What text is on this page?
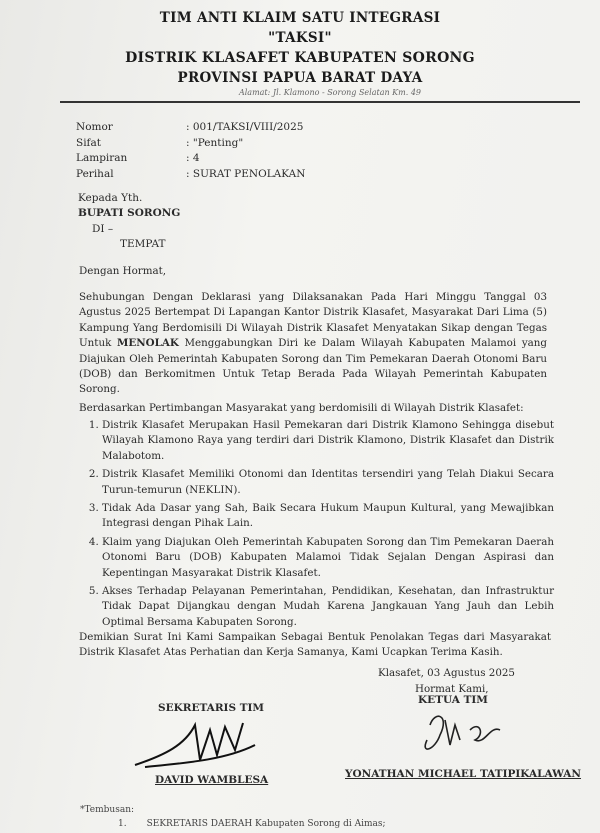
TIM ANTI KLAIM SATU INTEGRASI
"TAKSI"
DISTRIK KLASAFET KABUPATEN SORONG
PROVINSI PAPUA BARAT DAYA
Alamat: Jl. Klamono - Sorong Selatan Km. 49
Nomor	: 001/TAKSI/VIII/2025
Sifat	: "Penting"
Lampiran	: 4
Perihal	: SURAT PENOLAKAN
Kepada Yth.
BUPATI SORONG
DI –
TEMPAT
Dengan Hormat,
Sehubungan Dengan Deklarasi yang Dilaksanakan Pada Hari Minggu Tanggal 03 Agustus 2025 Bertempat Di Lapangan Kantor Distrik Klasafet, Masyarakat Dari Lima (5) Kampung Yang Berdomisili Di Wilayah Distrik Klasafet Menyatakan Sikap dengan Tegas Untuk MENOLAK Menggabungkan Diri ke Dalam Wilayah Kabupaten Malamoi yang Diajukan Oleh Pemerintah Kabupaten Sorong dan Tim Pemekaran Daerah Otonomi Baru (DOB) dan Berkomitmen Untuk Tetap Berada Pada Wilayah Pemerintah Kabupaten Sorong.
Berdasarkan Pertimbangan Masyarakat yang berdomisili di Wilayah Distrik Klasafet:
1. Distrik Klasafet Merupakan Hasil Pemekaran dari Distrik Klamono Sehingga disebut Wilayah Klamono Raya yang terdiri dari Distrik Klamono, Distrik Klasafet dan Distrik Malabotom.
2. Distrik Klasafet Memiliki Otonomi dan Identitas tersendiri yang Telah Diakui Secara Turun-temurun (NEKLIN).
3. Tidak Ada Dasar yang Sah, Baik Secara Hukum Maupun Kultural, yang Mewajibkan Integrasi dengan Pihak Lain.
4. Klaim yang Diajukan Oleh Pemerintah Kabupaten Sorong dan Tim Pemekaran Daerah Otonomi Baru (DOB) Kabupaten Malamoi Tidak Sejalan Dengan Aspirasi dan Kepentingan Masyarakat Distrik Klasafet.
5. Akses Terhadap Pelayanan Pemerintahan, Pendidikan, Kesehatan, dan Infrastruktur Tidak Dapat Dijangkau dengan Mudah Karena Jangkauan Yang Jauh dan Lebih Optimal Bersama Kabupaten Sorong.
Demikian Surat Ini Kami Sampaikan Sebagai Bentuk Penolakan Tegas dari Masyarakat Distrik Klasafet Atas Perhatian dan Kerja Samanya, Kami Ucapkan Terima Kasih.
Klasafet, 03 Agustus 2025
Hormat Kami,
KETUA TIM
SEKRETARIS TIM
DAVID WAMBLESA	YONATHAN MICHAEL TATIPIKALAWAN
*Tembusan:
1. SEKRETARIS DAERAH Kabupaten Sorong di Aimas;
